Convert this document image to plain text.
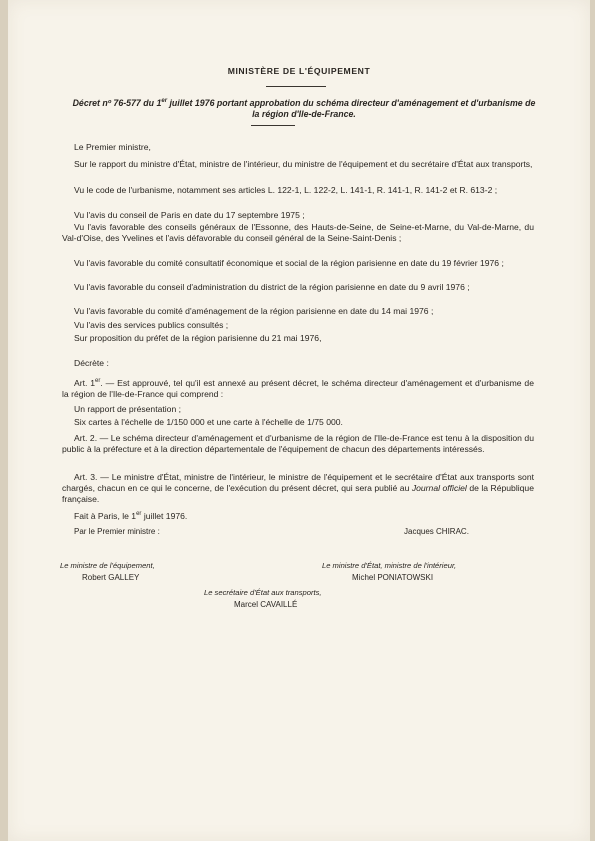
MINISTÈRE DE L'ÉQUIPEMENT
Décret nº 76-577 du 1er juillet 1976 portant approbation du schéma directeur d'aménagement et d'urbanisme de la région d'Ile-de-France.
Le Premier ministre,
Sur le rapport du ministre d'État, ministre de l'intérieur, du ministre de l'équipement et du secrétaire d'État aux transports,
Vu le code de l'urbanisme, notamment ses articles L. 122-1, L. 122-2, L. 141-1, R. 141-1, R. 141-2 et R. 613-2 ;
Vu l'avis du conseil de Paris en date du 17 septembre 1975 ;
Vu l'avis favorable des conseils généraux de l'Essonne, des Hauts-de-Seine, de Seine-et-Marne, du Val-de-Marne, du Val-d'Oise, des Yvelines et l'avis défavorable du conseil général de la Seine-Saint-Denis ;
Vu l'avis favorable du comité consultatif économique et social de la région parisienne en date du 19 février 1976 ;
Vu l'avis favorable du conseil d'administration du district de la région parisienne en date du 9 avril 1976 ;
Vu l'avis favorable du comité d'aménagement de la région parisienne en date du 14 mai 1976 ;
Vu l'avis des services publics consultés ;
Sur proposition du préfet de la région parisienne du 21 mai 1976,
Décrète :
Art. 1er. — Est approuvé, tel qu'il est annexé au présent décret, le schéma directeur d'aménagement et d'urbanisme de la région de l'Ile-de-France qui comprend :
Un rapport de présentation ;
Six cartes à l'échelle de 1/150 000 et une carte à l'échelle de 1/75 000.
Art. 2. — Le schéma directeur d'aménagement et d'urbanisme de la région de l'Ile-de-France est tenu à la disposition du public à la préfecture et à la direction départementale de l'équipement de chacun des départements intéressés.
Art. 3. — Le ministre d'État, ministre de l'intérieur, le ministre de l'équipement et le secrétaire d'État aux transports sont chargés, chacun en ce qui le concerne, de l'exécution du présent décret, qui sera publié au Journal officiel de la République française.
Fait à Paris, le 1er juillet 1976.
Par le Premier ministre :	Jacques CHIRAC.
Le ministre de l'équipement,
Robert GALLEY
Le ministre d'État, ministre de l'intérieur,
Michel PONIATOWSKI
Le secrétaire d'État aux transports,
Marcel CAVAILLÉ
